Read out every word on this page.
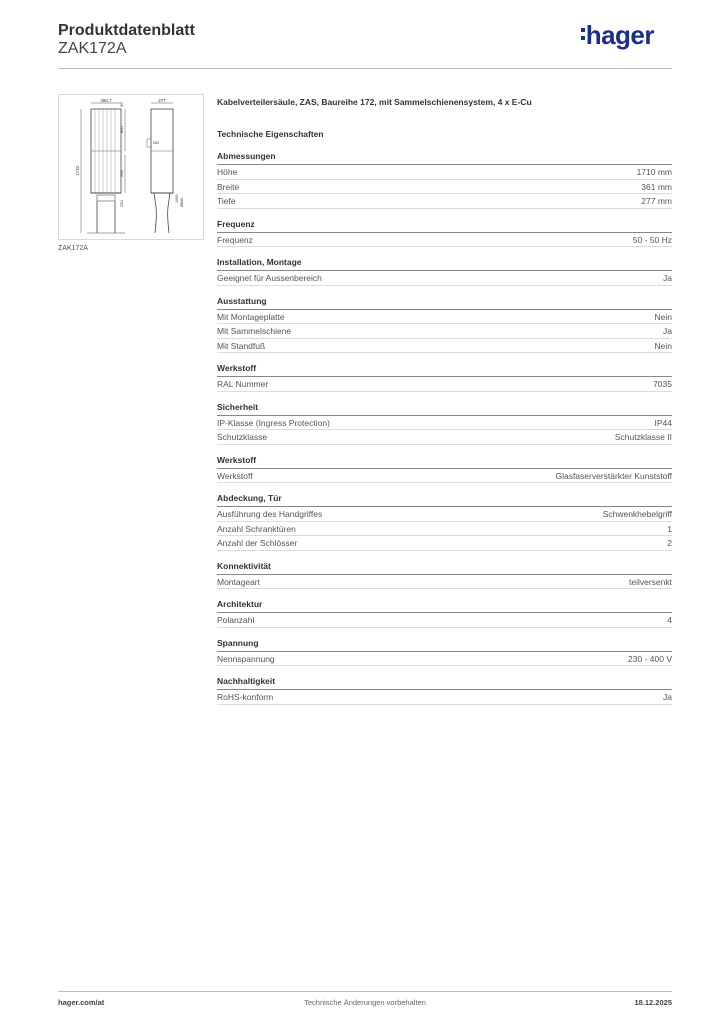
Produktdatenblatt
ZAK172A	hager
360,7
1710
50
800
200
250
277
200
1000 Ø600
ZAK172A
Kabelverteilersäule, ZAS, Baureihe 172, mit Sammelschienensystem, 4 x E-Cu
Technische Eigenschaften
Abmessungen
Höhe	1710 mm
Breite	361 mm
Tiefe	277 mm
Frequenz
Frequenz	50 - 50 Hz
Installation, Montage
Geeignet für Aussenbereich	Ja
Ausstattung
Mit Montageplatte	Nein
Mit Sammelschiene	Ja
Mit Standfuß	Nein
Werkstoff
RAL Nummer	7035
Sicherheit
IP-Klasse (Ingress Protection)	IP44
Schutzklasse	Schutzklasse II
Werkstoff
Werkstoff	Glasfaserverstärkter Kunststoff
Abdeckung, Tür
Ausführung des Handgriffes	Schwenkhebelgriff
Anzahl Schranktüren	1
Anzahl der Schlösser	2
Konnektivität
Montageart	teilversenkt
Architektur
Polanzahl	4
Spannung
Nennspannung	230 - 400 V
Nachhaltigkeit
RoHS-konform	Ja
hager.com/at	Technische Änderungen vorbehalten	18.12.2025
